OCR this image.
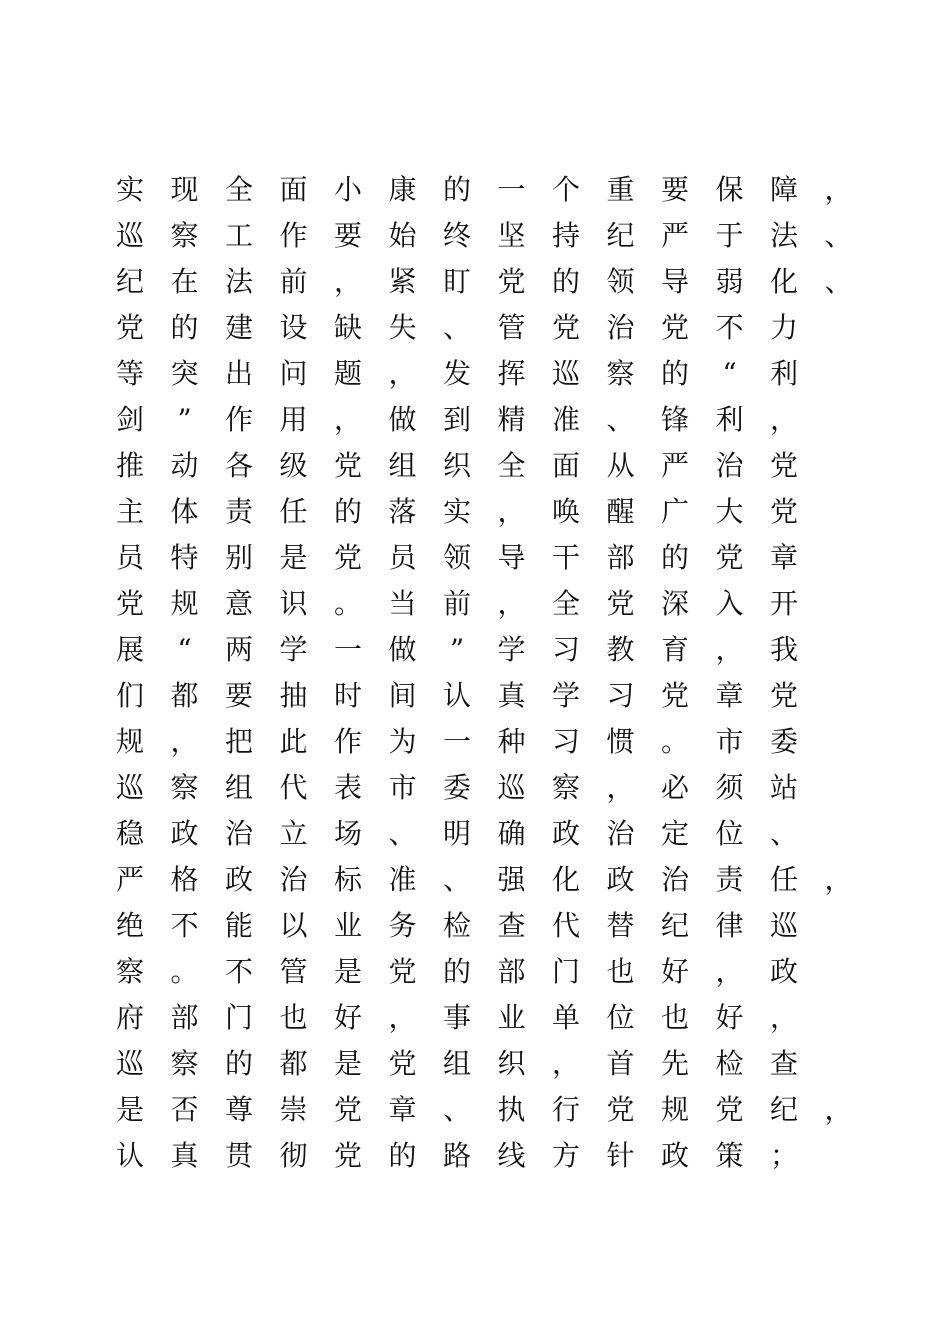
实 现 全 面 小 康 的 一 个 重 要 保 障 ，
巡 察 工 作 要 始 终 坚 持 纪 严 于 法 、
纪 在 法 前 ， 紧 盯 党 的 领 导 弱 化 、
党 的 建 设 缺 失 、 管 党 治 党 不 力
等 突 出 问 题 ， 发 挥 巡 察 的	“	利
剑	”	作 用 ， 做 到 精 准 、 锋 利 ，
推 动 各 级 党 组 织 全 面 从 严 治 党
主 体 责 任 的 落 实 ， 唤 醒 广 大 党
员 特 别 是 党 员 领 导 干 部 的 党 章
党 规 意 识 。 当 前 ， 全 党 深 入 开
展	“	两 学 一 做	”	学 习 教 育 ， 我
们 都 要 抽 时 间 认 真 学 习 党 章 党
规 ， 把 此 作 为 一 种 习 惯 。 市 委
巡 察 组 代 表 市 委 巡 察 ， 必 须 站
稳 政 治 立 场 、 明 确 政 治 定 位 、
严 格 政 治 标 准 、 强 化 政 治 责 任 ，
绝 不 能 以 业 务 检 查 代 替 纪 律 巡
察 。 不 管 是 党 的 部 门 也 好 ， 政
府 部 门 也 好 ， 事 业 单 位 也 好 ，
巡 察 的 都 是 党 组 织 ， 首 先 检 查
是 否 尊 崇 党 章 、 执 行 党 规 党 纪 ，
认 真 贯 彻 党 的 路 线 方 针 政 策 ；
